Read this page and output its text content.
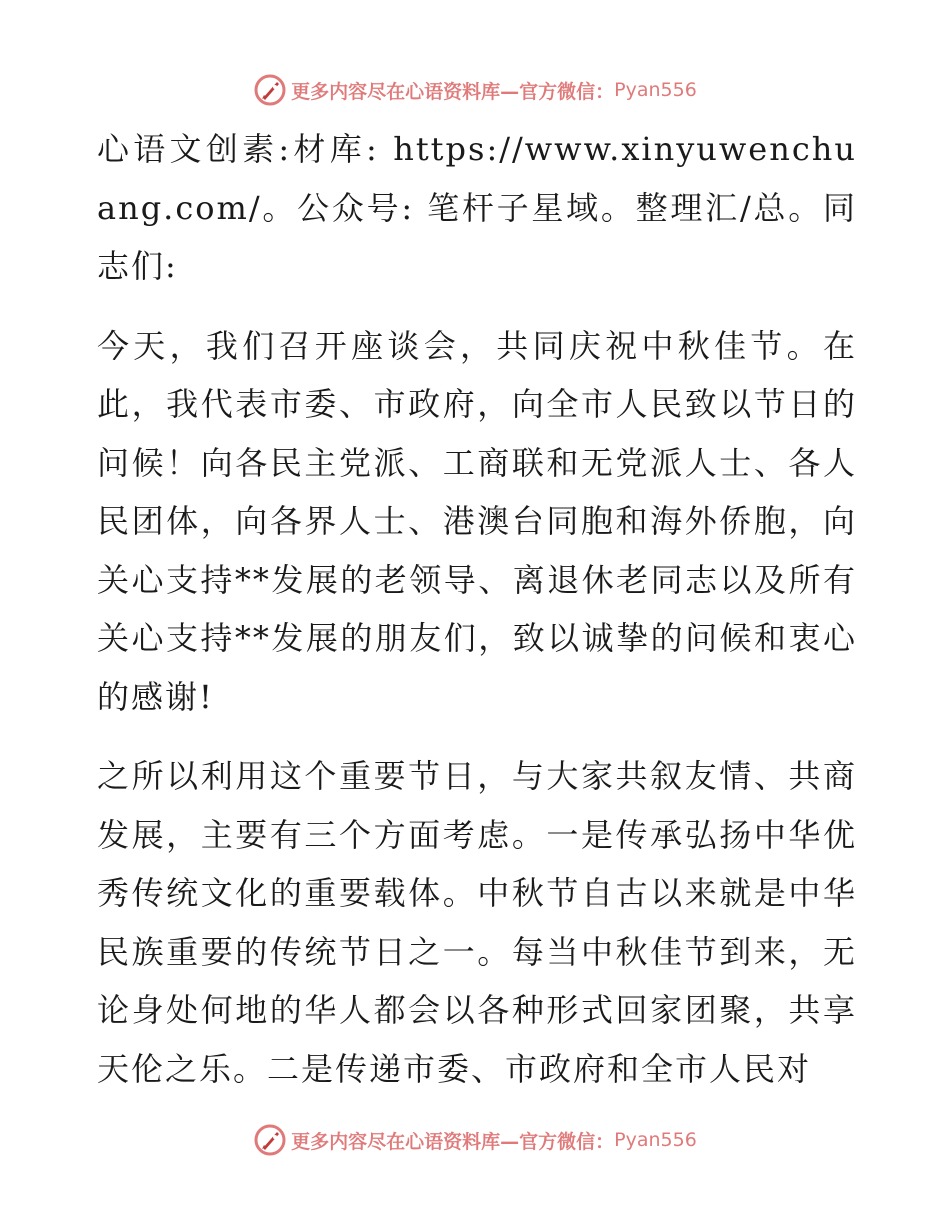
更多内容尽在心语资料库—官方微信： Pyan556

心语文创素:材库: https://www.xinyuwenchuang.com/。公众号: 笔杆子星域。整理汇/总。同志们:

今天，我们召开座谈会，共同庆祝中秋佳节。在此，我代表市委、市政府，向全市人民致以节日的问候！向各民主党派、工商联和无党派人士、各人民团体，向各界人士、港澳台同胞和海外侨胞，向关心支持**发展的老领导、离退休老同志以及所有关心支持**发展的朋友们，致以诚挚的问候和衷心的感谢!

之所以利用这个重要节日，与大家共叙友情、共商发展，主要有三个方面考虑。一是传承弘扬中华优秀传统文化的重要载体。中秋节自古以来就是中华民族重要的传统节日之一。每当中秋佳节到来，无论身处何地的华人都会以各种形式回家团聚，共享天伦之乐。二是传递市委、市政府和全市人民对

更多内容尽在心语资料库—官方微信： Pyan556
